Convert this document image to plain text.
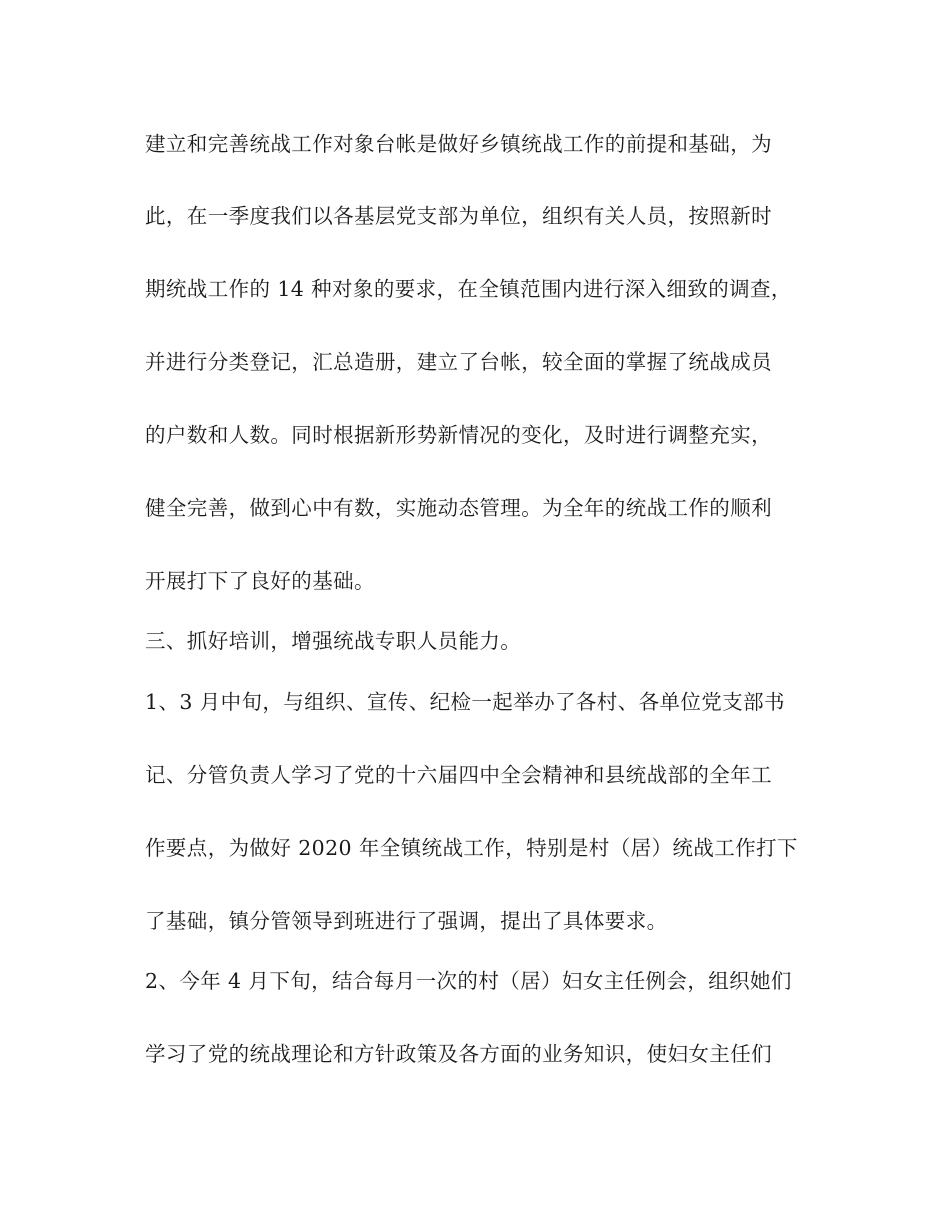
建立和完善统战工作对象台帐是做好乡镇统战工作的前提和基础，为

此，在一季度我们以各基层党支部为单位，组织有关人员，按照新时

期统战工作的 14 种对象的要求，在全镇范围内进行深入细致的调查，

并进行分类登记，汇总造册，建立了台帐，较全面的掌握了统战成员

的户数和人数。同时根据新形势新情况的变化，及时进行调整充实，

健全完善，做到心中有数，实施动态管理。为全年的统战工作的顺利

开展打下了良好的基础。

三、抓好培训，增强统战专职人员能力。

1、3 月中旬，与组织、宣传、纪检一起举办了各村、各单位党支部书

记、分管负责人学习了党的十六届四中全会精神和县统战部的全年工

作要点，为做好 2020 年全镇统战工作，特别是村（居）统战工作打下

了基础，镇分管领导到班进行了强调，提出了具体要求。

2、今年 4 月下旬，结合每月一次的村（居）妇女主任例会，组织她们

学习了党的统战理论和方针政策及各方面的业务知识，使妇女主任们
